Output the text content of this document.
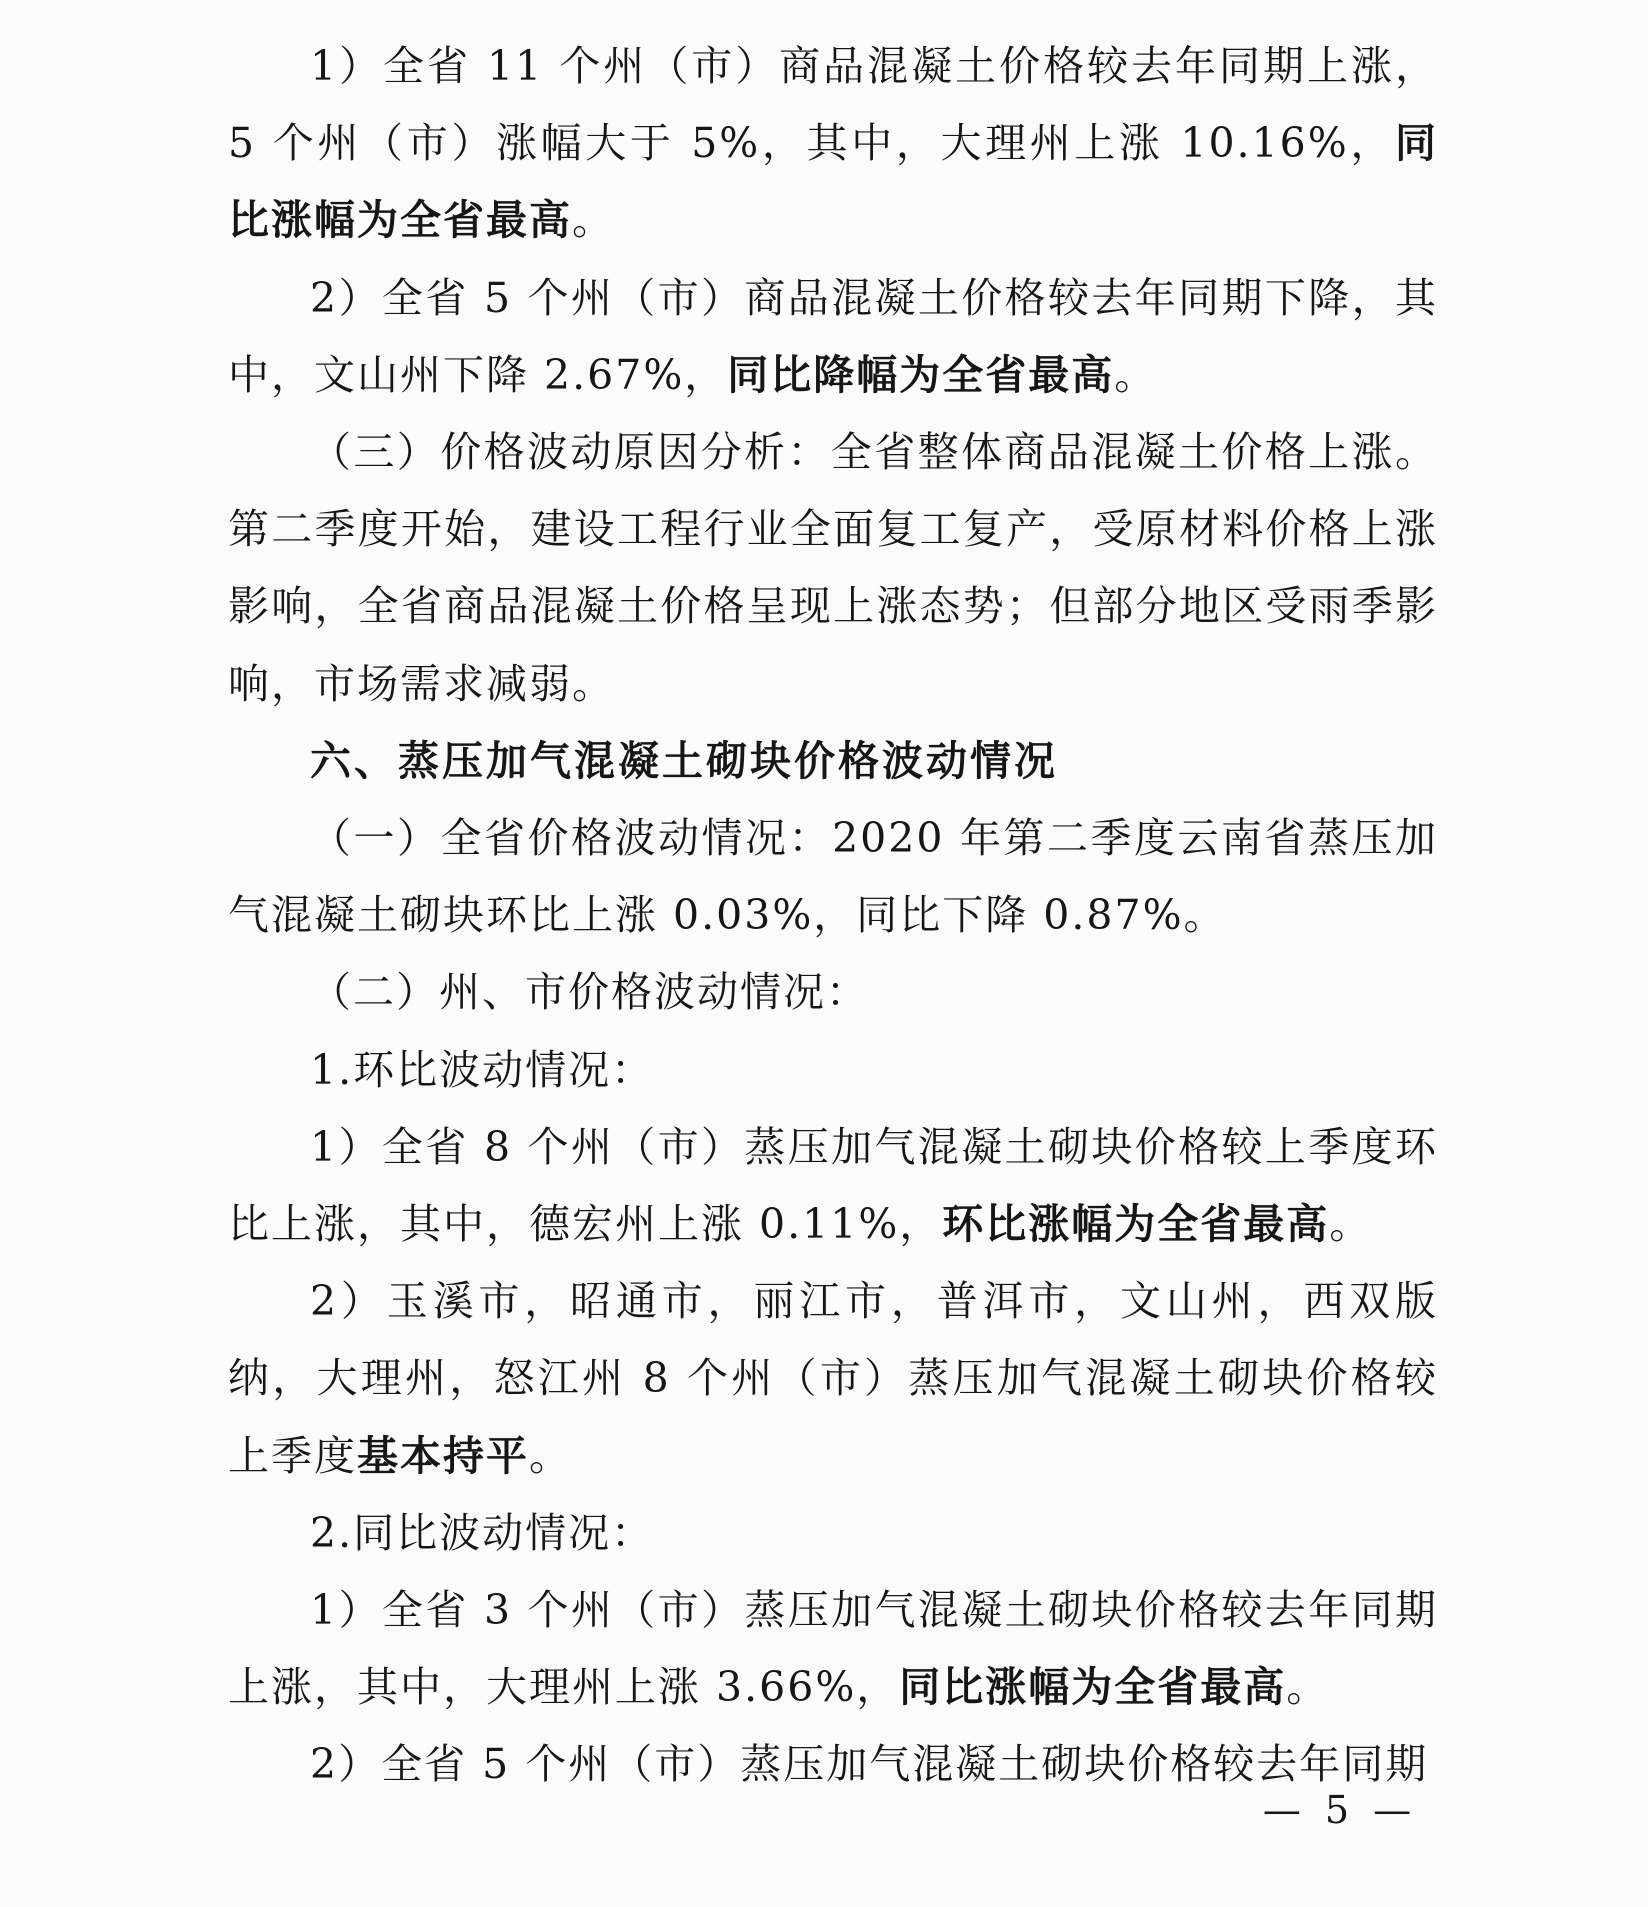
1）全省 11 个州（市）商品混凝土价格较去年同期上涨，5 个州（市）涨幅大于 5%，其中，大理州上涨 10.16%，同比涨幅为全省最高。

2）全省 5 个州（市）商品混凝土价格较去年同期下降，其中，文山州下降 2.67%，同比降幅为全省最高。

（三）价格波动原因分析：全省整体商品混凝土价格上涨。第二季度开始，建设工程行业全面复工复产，受原材料价格上涨影响，全省商品混凝土价格呈现上涨态势；但部分地区受雨季影响，市场需求减弱。

六、蒸压加气混凝土砌块价格波动情况

（一）全省价格波动情况：2020 年第二季度云南省蒸压加气混凝土砌块环比上涨 0.03%，同比下降 0.87%。

（二）州、市价格波动情况：

1.环比波动情况：

1）全省 8 个州（市）蒸压加气混凝土砌块价格较上季度环比上涨，其中，德宏州上涨 0.11%，环比涨幅为全省最高。

2）玉溪市，昭通市，丽江市，普洱市，文山州，西双版纳，大理州，怒江州 8 个州（市）蒸压加气混凝土砌块价格较上季度基本持平。

2.同比波动情况：

1）全省 3 个州（市）蒸压加气混凝土砌块价格较去年同期上涨，其中，大理州上涨 3.66%，同比涨幅为全省最高。

2）全省 5 个州（市）蒸压加气混凝土砌块价格较去年同期

— 5 —
